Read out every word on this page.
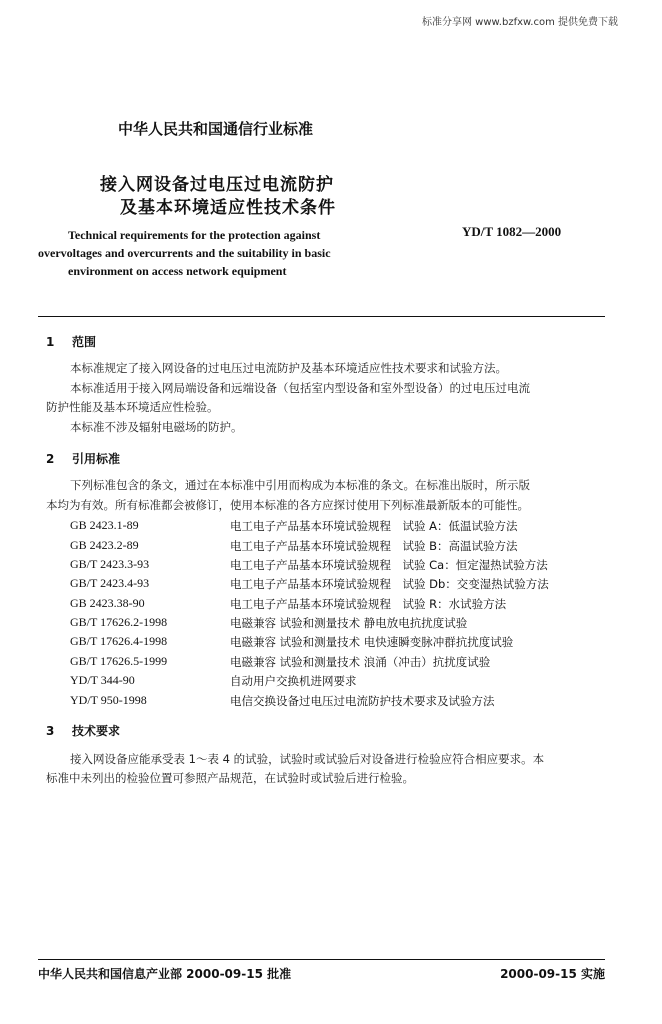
标准分享网 www.bzfxw.com 提供免费下载
中华人民共和国通信行业标准
接入网设备过电压过电流防护
及基本环境适应性技术条件
Technical requirements for the protection against
overvoltages and overcurrents and the suitability in basic
environment on access network equipment
YD/T 1082—2000
1 范围
本标准规定了接入网设备的过电压过电流防护及基本环境适应性技术要求和试验方法。
本标准适用于接入网局端设备和远端设备（包括室内型设备和室外型设备）的过电压过电流
防护性能及基本环境适应性检验。
本标准不涉及辐射电磁场的防护。
2 引用标准
下列标准包含的条文，通过在本标准中引用而构成为本标准的条文。在标准出版时，所示版
本均为有效。所有标准都会被修订，使用本标准的各方应探讨使用下列标准最新版本的可能性。
GB 2423.1-89	电工电子产品基本环境试验规程　试验 A：低温试验方法
GB 2423.2-89	电工电子产品基本环境试验规程　试验 B：高温试验方法
GB/T 2423.3-93	电工电子产品基本环境试验规程　试验 Ca：恒定湿热试验方法
GB/T 2423.4-93	电工电子产品基本环境试验规程　试验 Db：交变湿热试验方法
GB 2423.38-90	电工电子产品基本环境试验规程　试验 R：水试验方法
GB/T 17626.2-1998	电磁兼容 试验和测量技术 静电放电抗扰度试验
GB/T 17626.4-1998	电磁兼容 试验和测量技术 电快速瞬变脉冲群抗扰度试验
GB/T 17626.5-1999	电磁兼容 试验和测量技术 浪涌（冲击）抗扰度试验
YD/T 344-90	自动用户交换机进网要求
YD/T 950-1998	电信交换设备过电压过电流防护技术要求及试验方法
3 技术要求
接入网设备应能承受表 1～表 4 的试验，试验时或试验后对设备进行检验应符合相应要求。本
标准中未列出的检验位置可参照产品规范，在试验时或试验后进行检验。
中华人民共和国信息产业部 2000-09-15 批准	2000-09-15 实施
